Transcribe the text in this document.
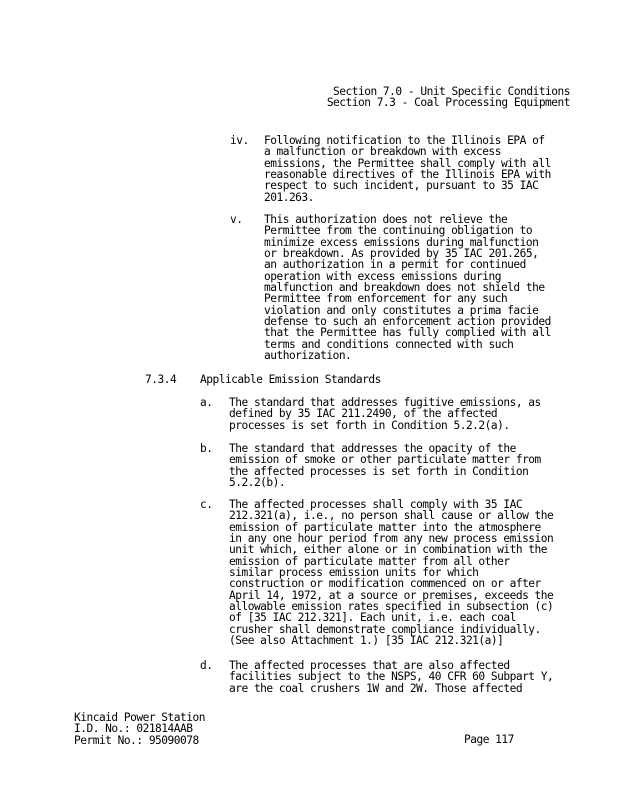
Section 7.0 - Unit Specific Conditions
Section 7.3 - Coal Processing Equipment
iv. Following notification to the Illinois EPA of
a malfunction or breakdown with excess
emissions, the Permittee shall comply with all
reasonable directives of the Illinois EPA with
respect to such incident, pursuant to 35 IAC
201.263.
v. This authorization does not relieve the
Permittee from the continuing obligation to
minimize excess emissions during malfunction
or breakdown. As provided by 35 IAC 201.265,
an authorization in a permit for continued
operation with excess emissions during
malfunction and breakdown does not shield the
Permittee from enforcement for any such
violation and only constitutes a prima facie
defense to such an enforcement action provided
that the Permittee has fully complied with all
terms and conditions connected with such
authorization.
7.3.4 Applicable Emission Standards
a. The standard that addresses fugitive emissions, as
defined by 35 IAC 211.2490, of the affected
processes is set forth in Condition 5.2.2(a).
b. The standard that addresses the opacity of the
emission of smoke or other particulate matter from
the affected processes is set forth in Condition
5.2.2(b).
c. The affected processes shall comply with 35 IAC
212.321(a), i.e., no person shall cause or allow the
emission of particulate matter into the atmosphere
in any one hour period from any new process emission
unit which, either alone or in combination with the
emission of particulate matter from all other
similar process emission units for which
construction or modification commenced on or after
April 14, 1972, at a source or premises, exceeds the
allowable emission rates specified in subsection (c)
of [35 IAC 212.321]. Each unit, i.e. each coal
crusher shall demonstrate compliance individually.
(See also Attachment 1.) [35 IAC 212.321(a)]
d. The affected processes that are also affected
facilities subject to the NSPS, 40 CFR 60 Subpart Y,
are the coal crushers 1W and 2W. Those affected
Kincaid Power Station
I.D. No.: 021814AAB
Permit No.: 95090078	Page 117
